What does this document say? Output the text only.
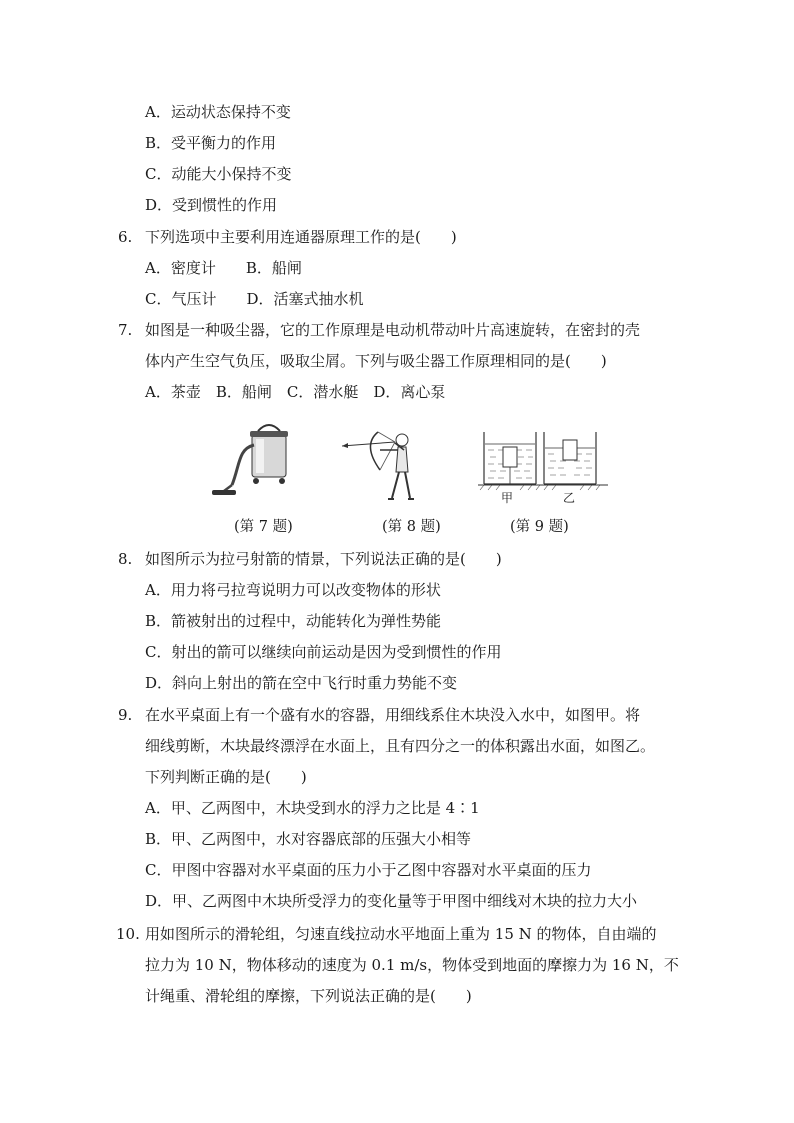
A．运动状态保持不变
B．受平衡力的作用
C．动能大小保持不变
D．受到惯性的作用
6. 下列选项中主要利用连通器原理工作的是(　　)
A．密度计　　B．船闸
C．气压计　　D．活塞式抽水机
7. 如图是一种吸尘器，它的工作原理是电动机带动叶片高速旋转，在密封的壳
体内产生空气负压，吸取尘屑。下列与吸尘器工作原理相同的是(　　)
A．茶壶　B．船闸　C．潜水艇　D．离心泵
甲	乙
(第 7 题)	(第 8 题)	(第 9 题)
8. 如图所示为拉弓射箭的情景，下列说法正确的是(　　)
A．用力将弓拉弯说明力可以改变物体的形状
B．箭被射出的过程中，动能转化为弹性势能
C．射出的箭可以继续向前运动是因为受到惯性的作用
D．斜向上射出的箭在空中飞行时重力势能不变
9. 在水平桌面上有一个盛有水的容器，用细线系住木块没入水中，如图甲。将
细线剪断，木块最终漂浮在水面上，且有四分之一的体积露出水面，如图乙。
下列判断正确的是(　　)
A．甲、乙两图中，木块受到水的浮力之比是 4∶1
B．甲、乙两图中，水对容器底部的压强大小相等
C．甲图中容器对水平桌面的压力小于乙图中容器对水平桌面的压力
D．甲、乙两图中木块所受浮力的变化量等于甲图中细线对木块的拉力大小
10. 用如图所示的滑轮组，匀速直线拉动水平地面上重为 15 N 的物体，自由端的
拉力为 10 N，物体移动的速度为 0.1 m/s，物体受到地面的摩擦力为 16 N，不
计绳重、滑轮组的摩擦，下列说法正确的是(　　)
